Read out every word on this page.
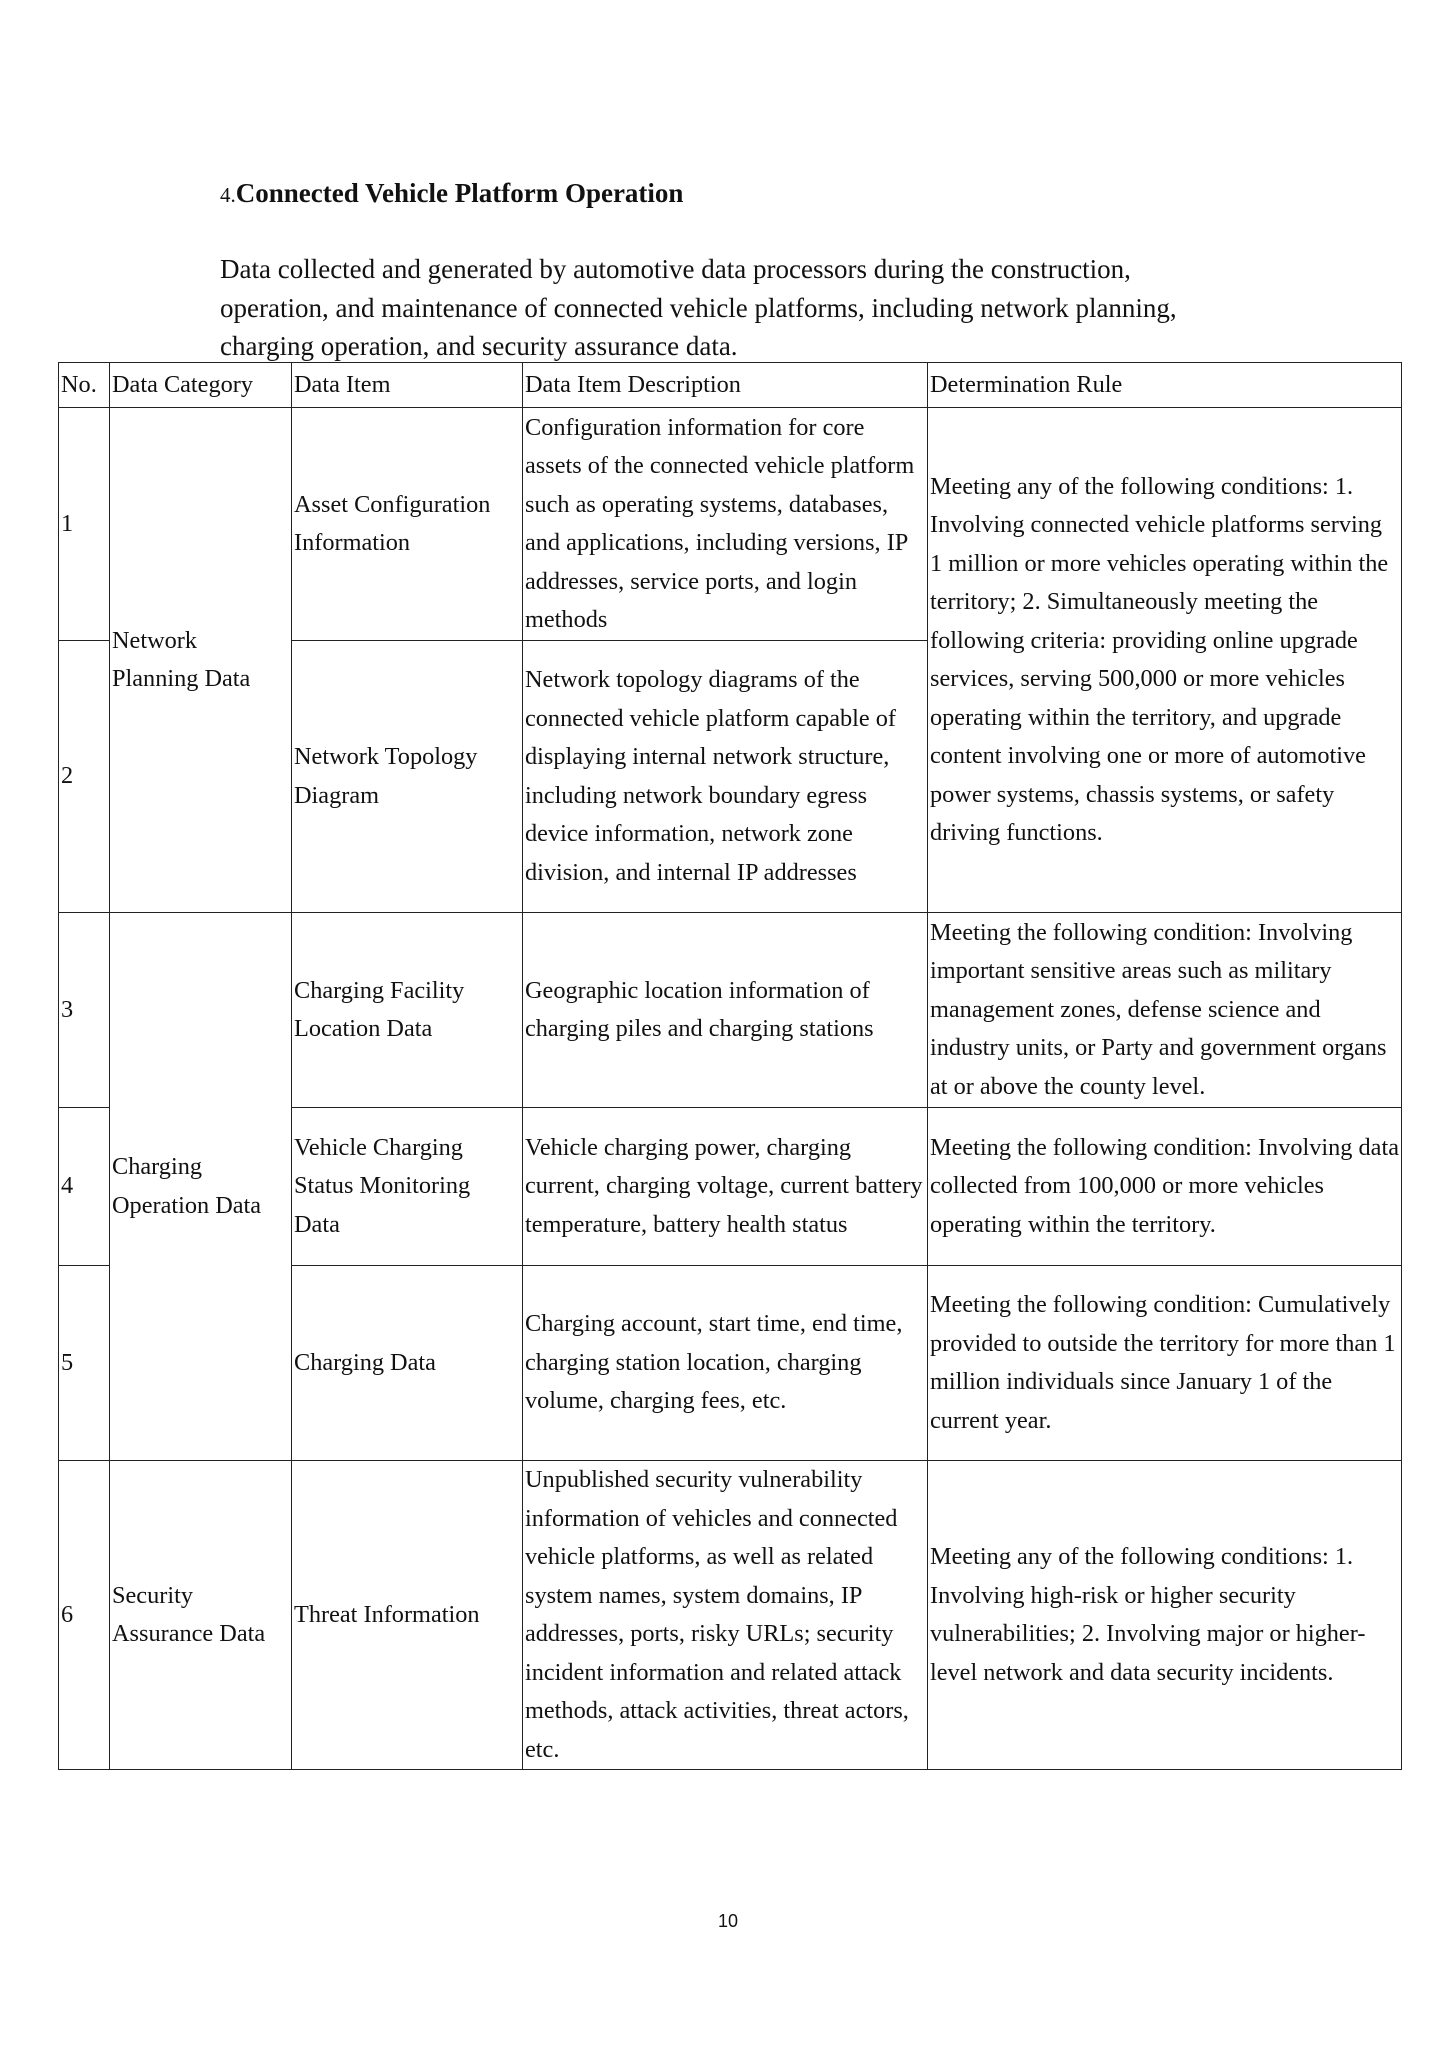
4.Connected Vehicle Platform Operation
Data collected and generated by automotive data processors during the construction, operation, and maintenance of connected vehicle platforms, including network planning, charging operation, and security assurance data.
No.	Data Category	Data Item	Data Item Description	Determination Rule
1	Network Planning Data	Asset Configuration Information	Configuration information for core assets of the connected vehicle platform such as operating systems, databases, and applications, including versions, IP addresses, service ports, and login methods	Meeting any of the following conditions: 1. Involving connected vehicle platforms serving 1 million or more vehicles operating within the territory; 2. Simultaneously meeting the following criteria: providing online upgrade services, serving 500,000 or more vehicles operating within the territory, and upgrade content involving one or more of automotive power systems, chassis systems, or safety driving functions.
2		Network Topology Diagram	Network topology diagrams of the connected vehicle platform capable of displaying internal network structure, including network boundary egress device information, network zone division, and internal IP addresses	
3	Charging Operation Data	Charging Facility Location Data	Geographic location information of charging piles and charging stations	Meeting the following condition: Involving important sensitive areas such as military management zones, defense science and industry units, or Party and government organs at or above the county level.
4		Vehicle Charging Status Monitoring Data	Vehicle charging power, charging current, charging voltage, current battery temperature, battery health status	Meeting the following condition: Involving data collected from 100,000 or more vehicles operating within the territory.
5		Charging Data	Charging account, start time, end time, charging station location, charging volume, charging fees, etc.	Meeting the following condition: Cumulatively provided to outside the territory for more than 1 million individuals since January 1 of the current year.
6	Security Assurance Data	Threat Information	Unpublished security vulnerability information of vehicles and connected vehicle platforms, as well as related system names, system domains, IP addresses, ports, risky URLs; security incident information and related attack methods, attack activities, threat actors, etc.	Meeting any of the following conditions: 1. Involving high-risk or higher security vulnerabilities; 2. Involving major or higher-level network and data security incidents.
10
